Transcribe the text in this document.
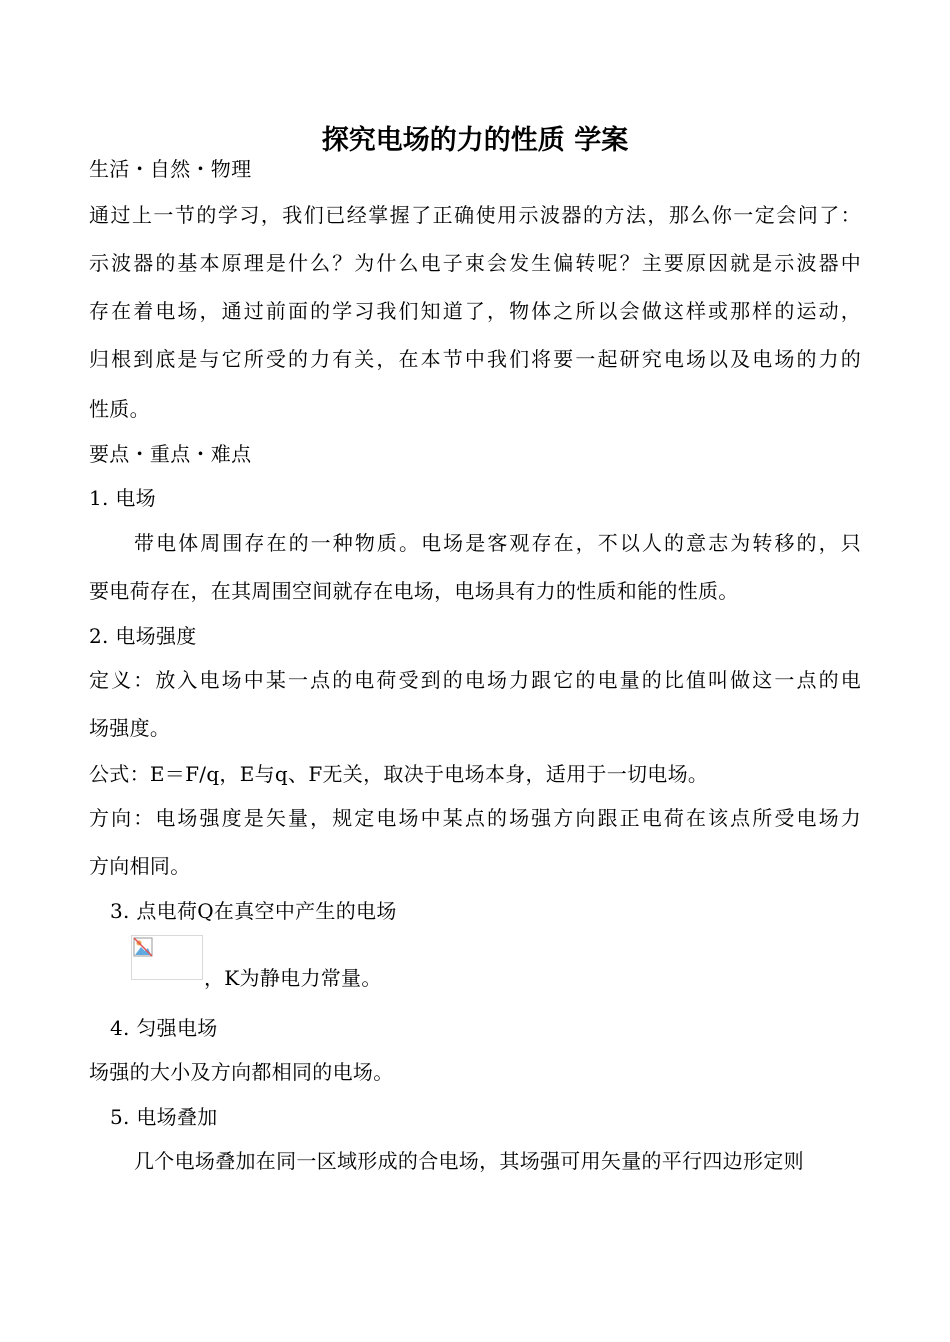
探究电场的力的性质 学案
生活・自然・物理
通过上一节的学习，我们已经掌握了正确使用示波器的方法，那么你一定会问了：
示波器的基本原理是什么？为什么电子束会发生偏转呢？主要原因就是示波器中
存在着电场，通过前面的学习我们知道了，物体之所以会做这样或那样的运动，
归根到底是与它所受的力有关，在本节中我们将要一起研究电场以及电场的力的
性质。
要点・重点・难点
1. 电场
带电体周围存在的一种物质。电场是客观存在，不以人的意志为转移的，只
要电荷存在，在其周围空间就存在电场，电场具有力的性质和能的性质。
2. 电场强度
定义：放入电场中某一点的电荷受到的电场力跟它的电量的比值叫做这一点的电
场强度。
公式：E＝F/q，E与q、F无关，取决于电场本身，适用于一切电场。
方向：电场强度是矢量，规定电场中某点的场强方向跟正电荷在该点所受电场力
方向相同。
3. 点电荷Q在真空中产生的电场
，K为静电力常量。
4. 匀强电场
场强的大小及方向都相同的电场。
5. 电场叠加
几个电场叠加在同一区域形成的合电场，其场强可用矢量的平行四边形定则
